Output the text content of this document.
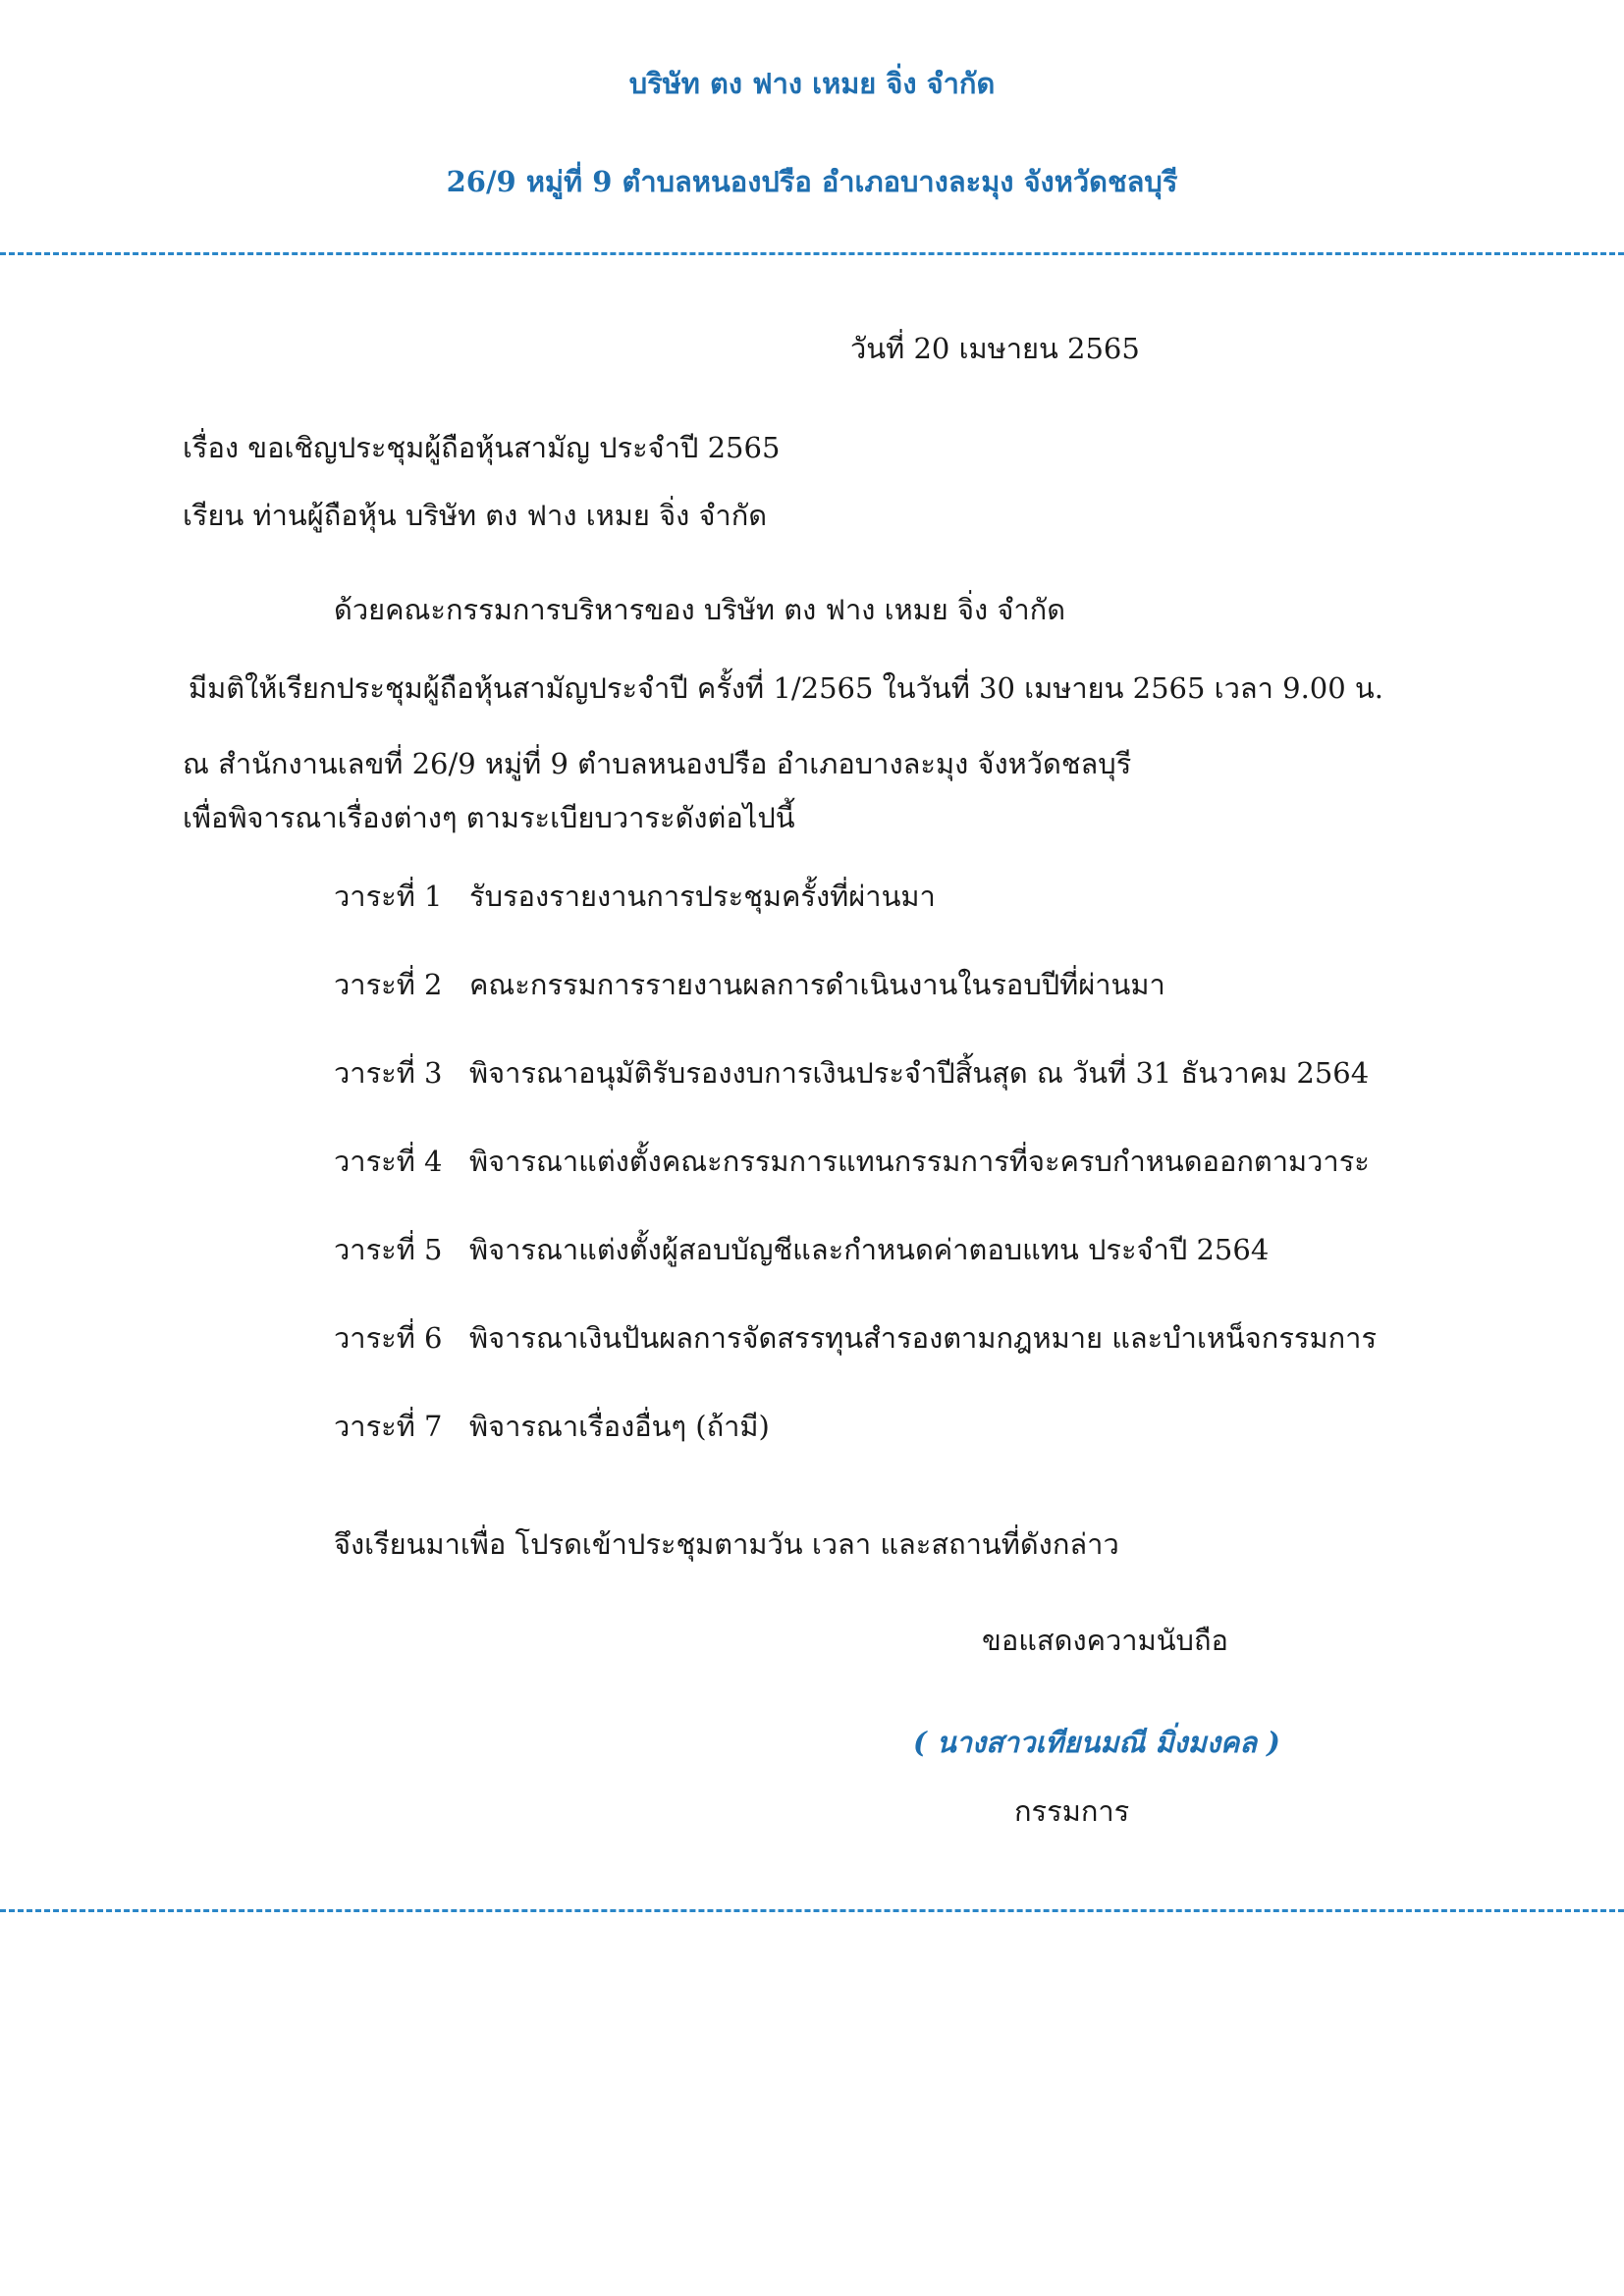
บริษัท ตง ฟาง เหมย จิ่ง จำกัด
26/9 หมู่ที่ 9 ตำบลหนองปรือ อำเภอบางละมุง จังหวัดชลบุรี
วันที่ 20 เมษายน 2565
เรื่อง ขอเชิญประชุมผู้ถือหุ้นสามัญ ประจำปี 2565
เรียน ท่านผู้ถือหุ้น บริษัท ตง ฟาง เหมย จิ่ง จำกัด
ด้วยคณะกรรมการบริหารของ บริษัท ตง ฟาง เหมย จิ่ง จำกัด
มีมติให้เรียกประชุมผู้ถือหุ้นสามัญประจำปี ครั้งที่ 1/2565 ในวันที่ 30 เมษายน 2565 เวลา 9.00 น.
ณ สำนักงานเลขที่ 26/9 หมู่ที่ 9 ตำบลหนองปรือ อำเภอบางละมุง จังหวัดชลบุรี
เพื่อพิจารณาเรื่องต่างๆ ตามระเบียบวาระดังต่อไปนี้
วาระที่ 1 รับรองรายงานการประชุมครั้งที่ผ่านมา
วาระที่ 2 คณะกรรมการรายงานผลการดำเนินงานในรอบปีที่ผ่านมา
วาระที่ 3 พิจารณาอนุมัติรับรองงบการเงินประจำปีสิ้นสุด ณ วันที่ 31 ธันวาคม 2564
วาระที่ 4 พิจารณาแต่งตั้งคณะกรรมการแทนกรรมการที่จะครบกำหนดออกตามวาระ
วาระที่ 5 พิจารณาแต่งตั้งผู้สอบบัญชีและกำหนดค่าตอบแทน ประจำปี 2564
วาระที่ 6 พิจารณาเงินปันผลการจัดสรรทุนสำรองตามกฎหมาย และบำเหน็จกรรมการ
วาระที่ 7 พิจารณาเรื่องอื่นๆ (ถ้ามี)
จึงเรียนมาเพื่อ โปรดเข้าประชุมตามวัน เวลา และสถานที่ดังกล่าว
ขอแสดงความนับถือ
( นางสาวเทียนมณี มิ่งมงคล )
กรรมการ
